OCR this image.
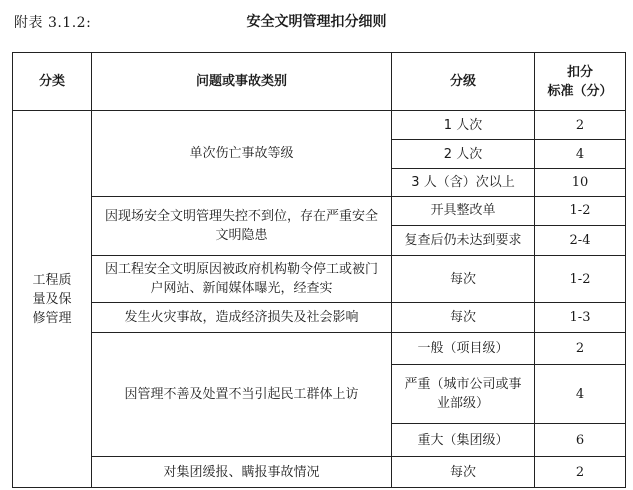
附表 3.1.2:	安全文明管理扣分细则
分类	问题或事故类别	分级	扣分
标准（分）
工程质量及保修管理	单次伤亡事故等级	1 人次	2
		2 人次	4
		3 人（含）次以上	10
	因现场安全文明管理失控不到位，存在严重安全文明隐患	开具整改单	1-2
		复查后仍未达到要求	2-4
	因工程安全文明原因被政府机构勒令停工或被门户网站、新闻媒体曝光，经查实	每次	1-2
	发生火灾事故，造成经济损失及社会影响	每次	1-3
	因管理不善及处置不当引起民工群体上访	一般（项目级）	2
		严重（城市公司或事业部级）	4
		重大（集团级）	6
	对集团缓报、瞒报事故情况	每次	2
